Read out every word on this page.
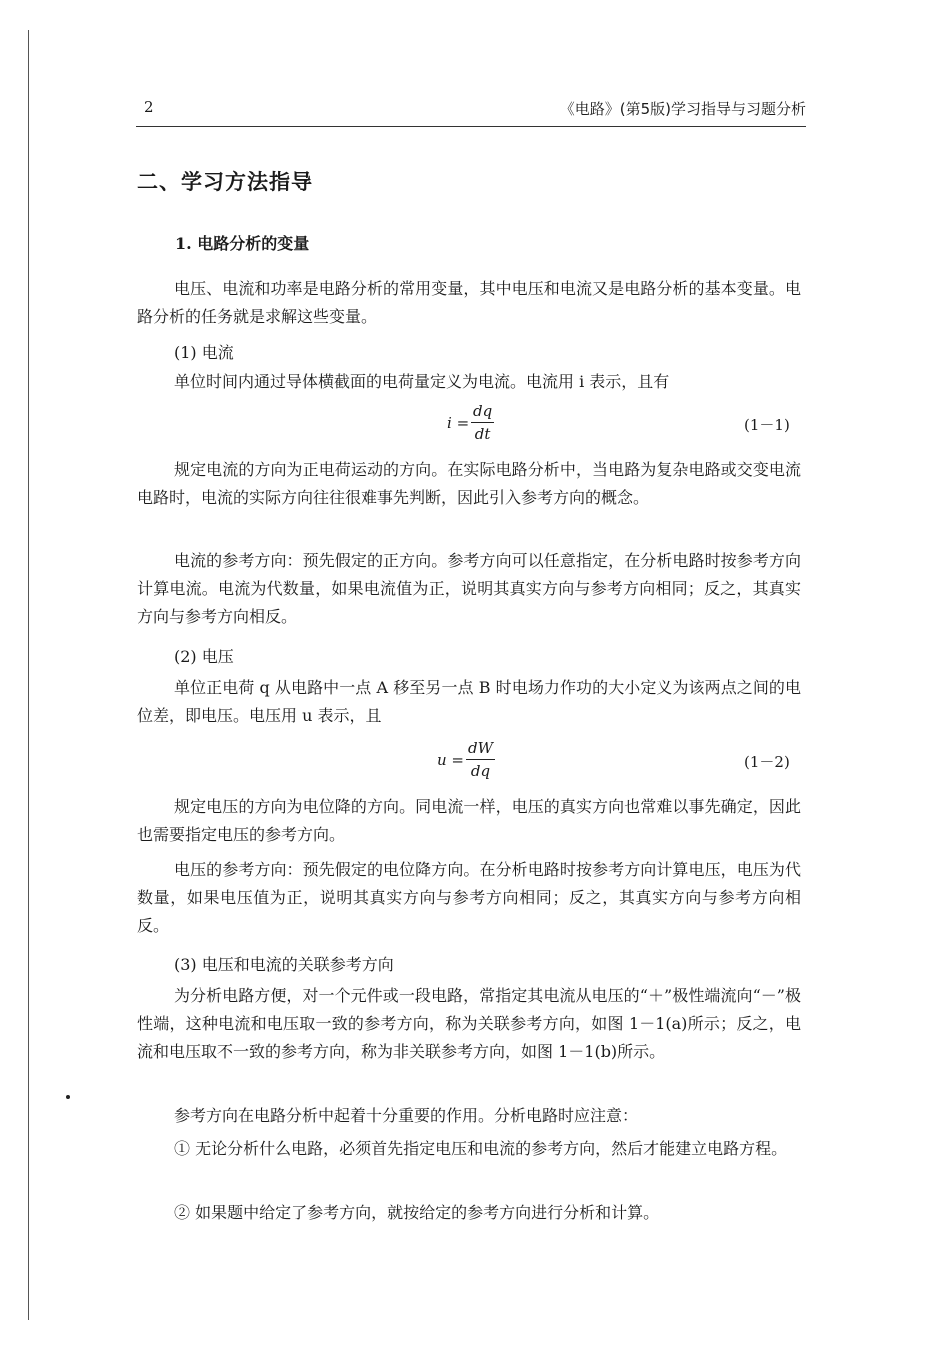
2	《电路》(第5版)学习指导与习题分析
二、学习方法指导
1. 电路分析的变量

电压、电流和功率是电路分析的常用变量，其中电压和电流又是电路分析的基本变量。电路分析的任务就是求解这些变量。

(1) 电流

单位时间内通过导体横截面的电荷量定义为电流。电流用 i 表示，且有

$i = \frac{dq}{dt}$	(1－1)

规定电流的方向为正电荷运动的方向。在实际电路分析中，当电路为复杂电路或交变电流电路时，电流的实际方向往往很难事先判断，因此引入参考方向的概念。

电流的参考方向：预先假定的正方向。参考方向可以任意指定，在分析电路时按参考方向计算电流。电流为代数量，如果电流值为正，说明其真实方向与参考方向相同；反之，其真实方向与参考方向相反。

(2) 电压

单位正电荷 q 从电路中一点 A 移至另一点 B 时电场力作功的大小定义为该两点之间的电位差，即电压。电压用 u 表示，且

$u = \frac{dW}{dq}$	(1－2)

规定电压的方向为电位降的方向。同电流一样，电压的真实方向也常难以事先确定，因此也需要指定电压的参考方向。

电压的参考方向：预先假定的电位降方向。在分析电路时按参考方向计算电压，电压为代数量，如果电压值为正，说明其真实方向与参考方向相同；反之，其真实方向与参考方向相反。

(3) 电压和电流的关联参考方向

为分析电路方便，对一个元件或一段电路，常指定其电流从电压的“＋”极性端流向“－”极性端，这种电流和电压取一致的参考方向，称为关联参考方向，如图 1－1(a)所示；反之，电流和电压取不一致的参考方向，称为非关联参考方向，如图 1－1(b)所示。

参考方向在电路分析中起着十分重要的作用。分析电路时应注意：

① 无论分析什么电路，必须首先指定电压和电流的参考方向，然后才能建立电路方程。

② 如果题中给定了参考方向，就按给定的参考方向进行分析和计算。
